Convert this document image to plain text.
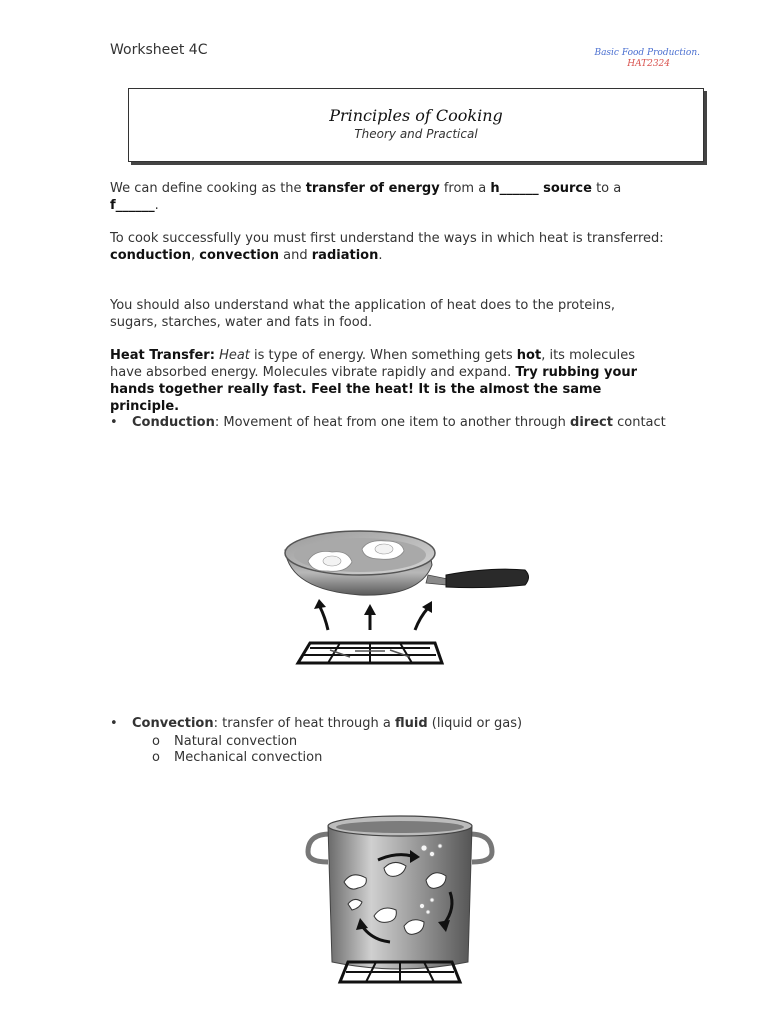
Worksheet 4C	Basic Food Production.
HAT2324
Principles of Cooking
Theory and Practical
We can define cooking as the transfer of energy from a h______ source to a
f______.
To cook successfully you must first understand the ways in which heat is transferred:
conduction, convection and radiation.
You should also understand what the application of heat does to the proteins, sugars, starches, water and fats in food.
Heat Transfer: Heat is type of energy. When something gets hot, its molecules have absorbed energy. Molecules vibrate rapidly and expand. Try rubbing your hands together really fast. Feel the heat! It is the almost the same principle.
• Conduction: Movement of heat from one item to another through direct contact
• Convection: transfer of heat through a fluid (liquid or gas)
o Natural convection
o Mechanical convection
